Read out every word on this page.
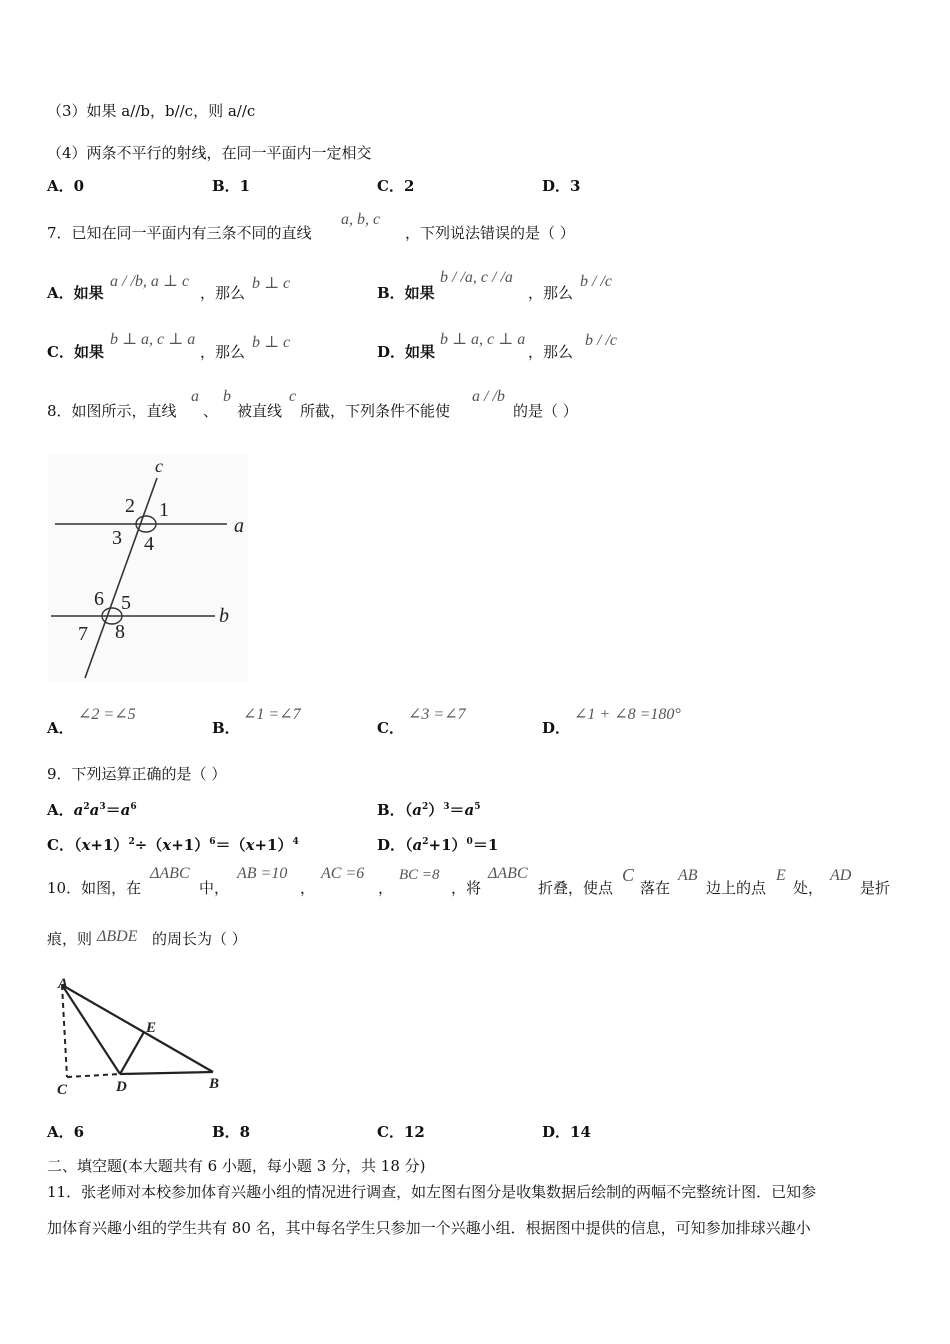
（3）如果 a//b，b//c，则 a//c
（4）两条不平行的射线，在同一平面内一定相交
A．0	B．1	C．2	D．3
7．已知在同一平面内有三条不同的直线
a, b, c
，下列说法错误的是（ ）
A．如果
a / /b, a ⊥ c
，那么
b ⊥ c
B．如果
b / /a, c / /a
，那么
b / /c
C．如果
b ⊥ a, c ⊥ a
，那么
b ⊥ c
D．如果
b ⊥ a, c ⊥ a
，那么
b / /c
8．如图所示，直线
a
、
b
被直线
c
所截，下列条件不能使
a / /b
的是（ ）
c
2 1
a
3 4
6 5
b
7 8
A．
∠2 =∠5
B．
∠1 =∠7
C．
∠3 =∠7
D．
∠1 + ∠8 =180°
9．下列运算正确的是（ ）
A．$a^2a^3=a^6$	B．$(a^2)^3=a^5$
C．$(x+1)^2\div(x+1)^6=(x+1)^4$	D．$(a^2+1)^0=1$
10．如图，在
ΔABC
中，
AB =10
，
AC =6
，
BC =8
，将
ΔABC
折叠，使点
C
落在
AB
边上的点
E
处，
AD
是折
痕，则 ΔBDE 的周长为（ ）
A
E
C	D	B
A．6	B．8	C．12	D．14
二、填空题(本大题共有 6 小题，每小题 3 分，共 18 分)
11．张老师对本校参加体育兴趣小组的情况进行调查，如左图右图分是收集数据后绘制的两幅不完整统计图．已知参
加体育兴趣小组的学生共有 80 名，其中每名学生只参加一个兴趣小组．根据图中提供的信息，可知参加排球兴趣小
